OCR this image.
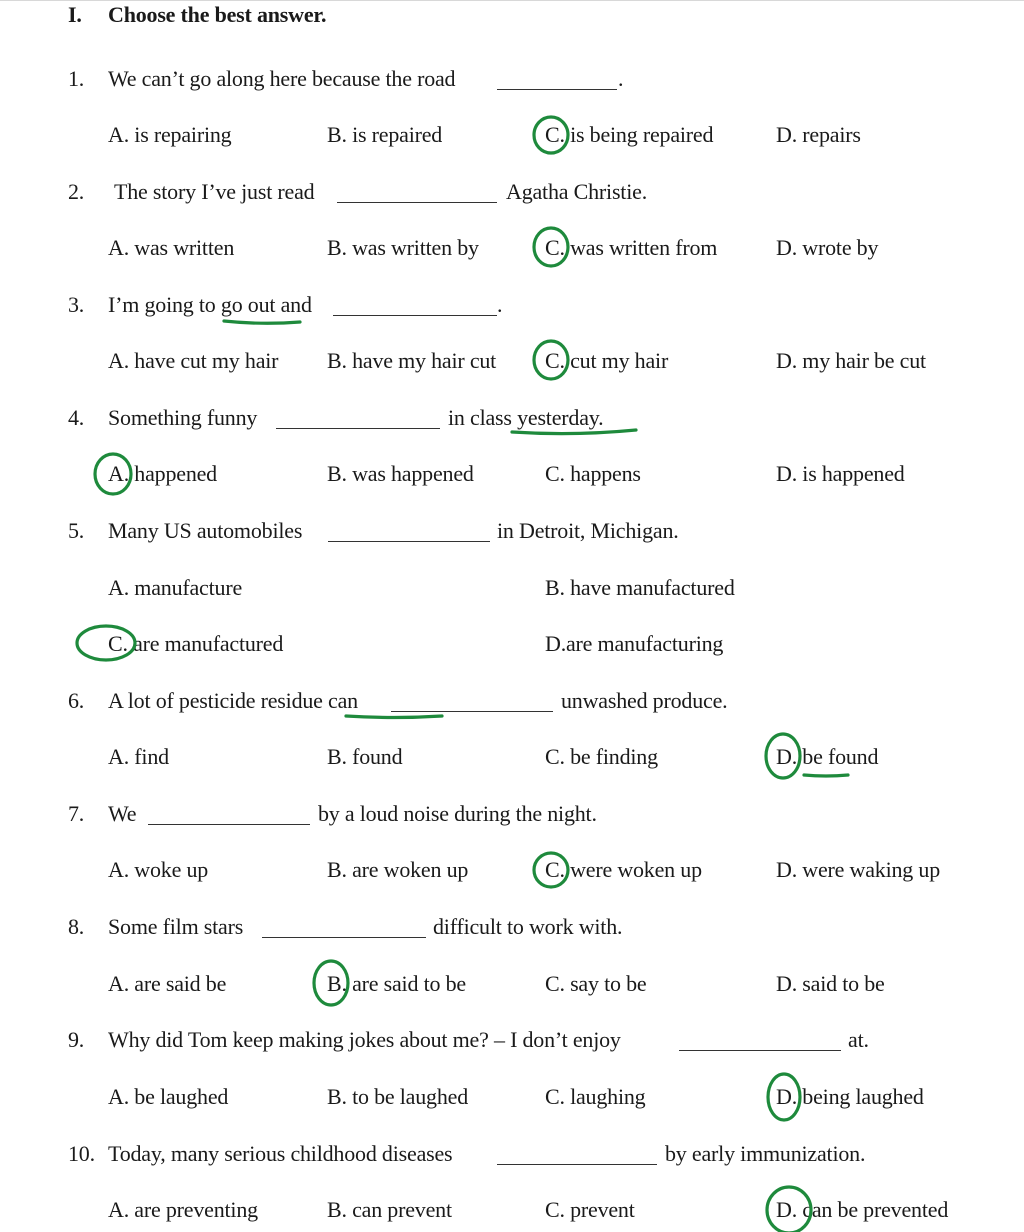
I. Choose the best answer.
1. We can’t go along here because the road	.
A. is repairing	B. is repaired	C. is being repaired	D. repairs
2. The story I’ve just read	Agatha Christie.
A. was written	B. was written by	C. was written from	D. wrote by
3. I’m going to go out and	.
A. have cut my hair B. have my hair cut C. cut my hair	D. my hair be cut
4. Something funny	in class yesterday.
A. happened	B. was happened	C. happens	D. is happened
5. Many US automobiles	in Detroit, Michigan.
A. manufacture	B. have manufactured
C. are manufactured	D.are manufacturing
6. A lot of pesticide residue can	unwashed produce.
A. find	B. found	C. be finding	D. be found
7. We	by a loud noise during the night.
A. woke up	B. are woken up	C. were woken up	D. were waking up
8. Some film stars	difficult to work with.
A. are said be	B. are said to be	C. say to be	D. said to be
9. Why did Tom keep making jokes about me? – I don’t enjoy	at.
A. be laughed	B. to be laughed	C. laughing	D. being laughed
10. Today, many serious childhood diseases	by early immunization.
A. are preventing	B. can prevent	C. prevent	D. can be prevented
